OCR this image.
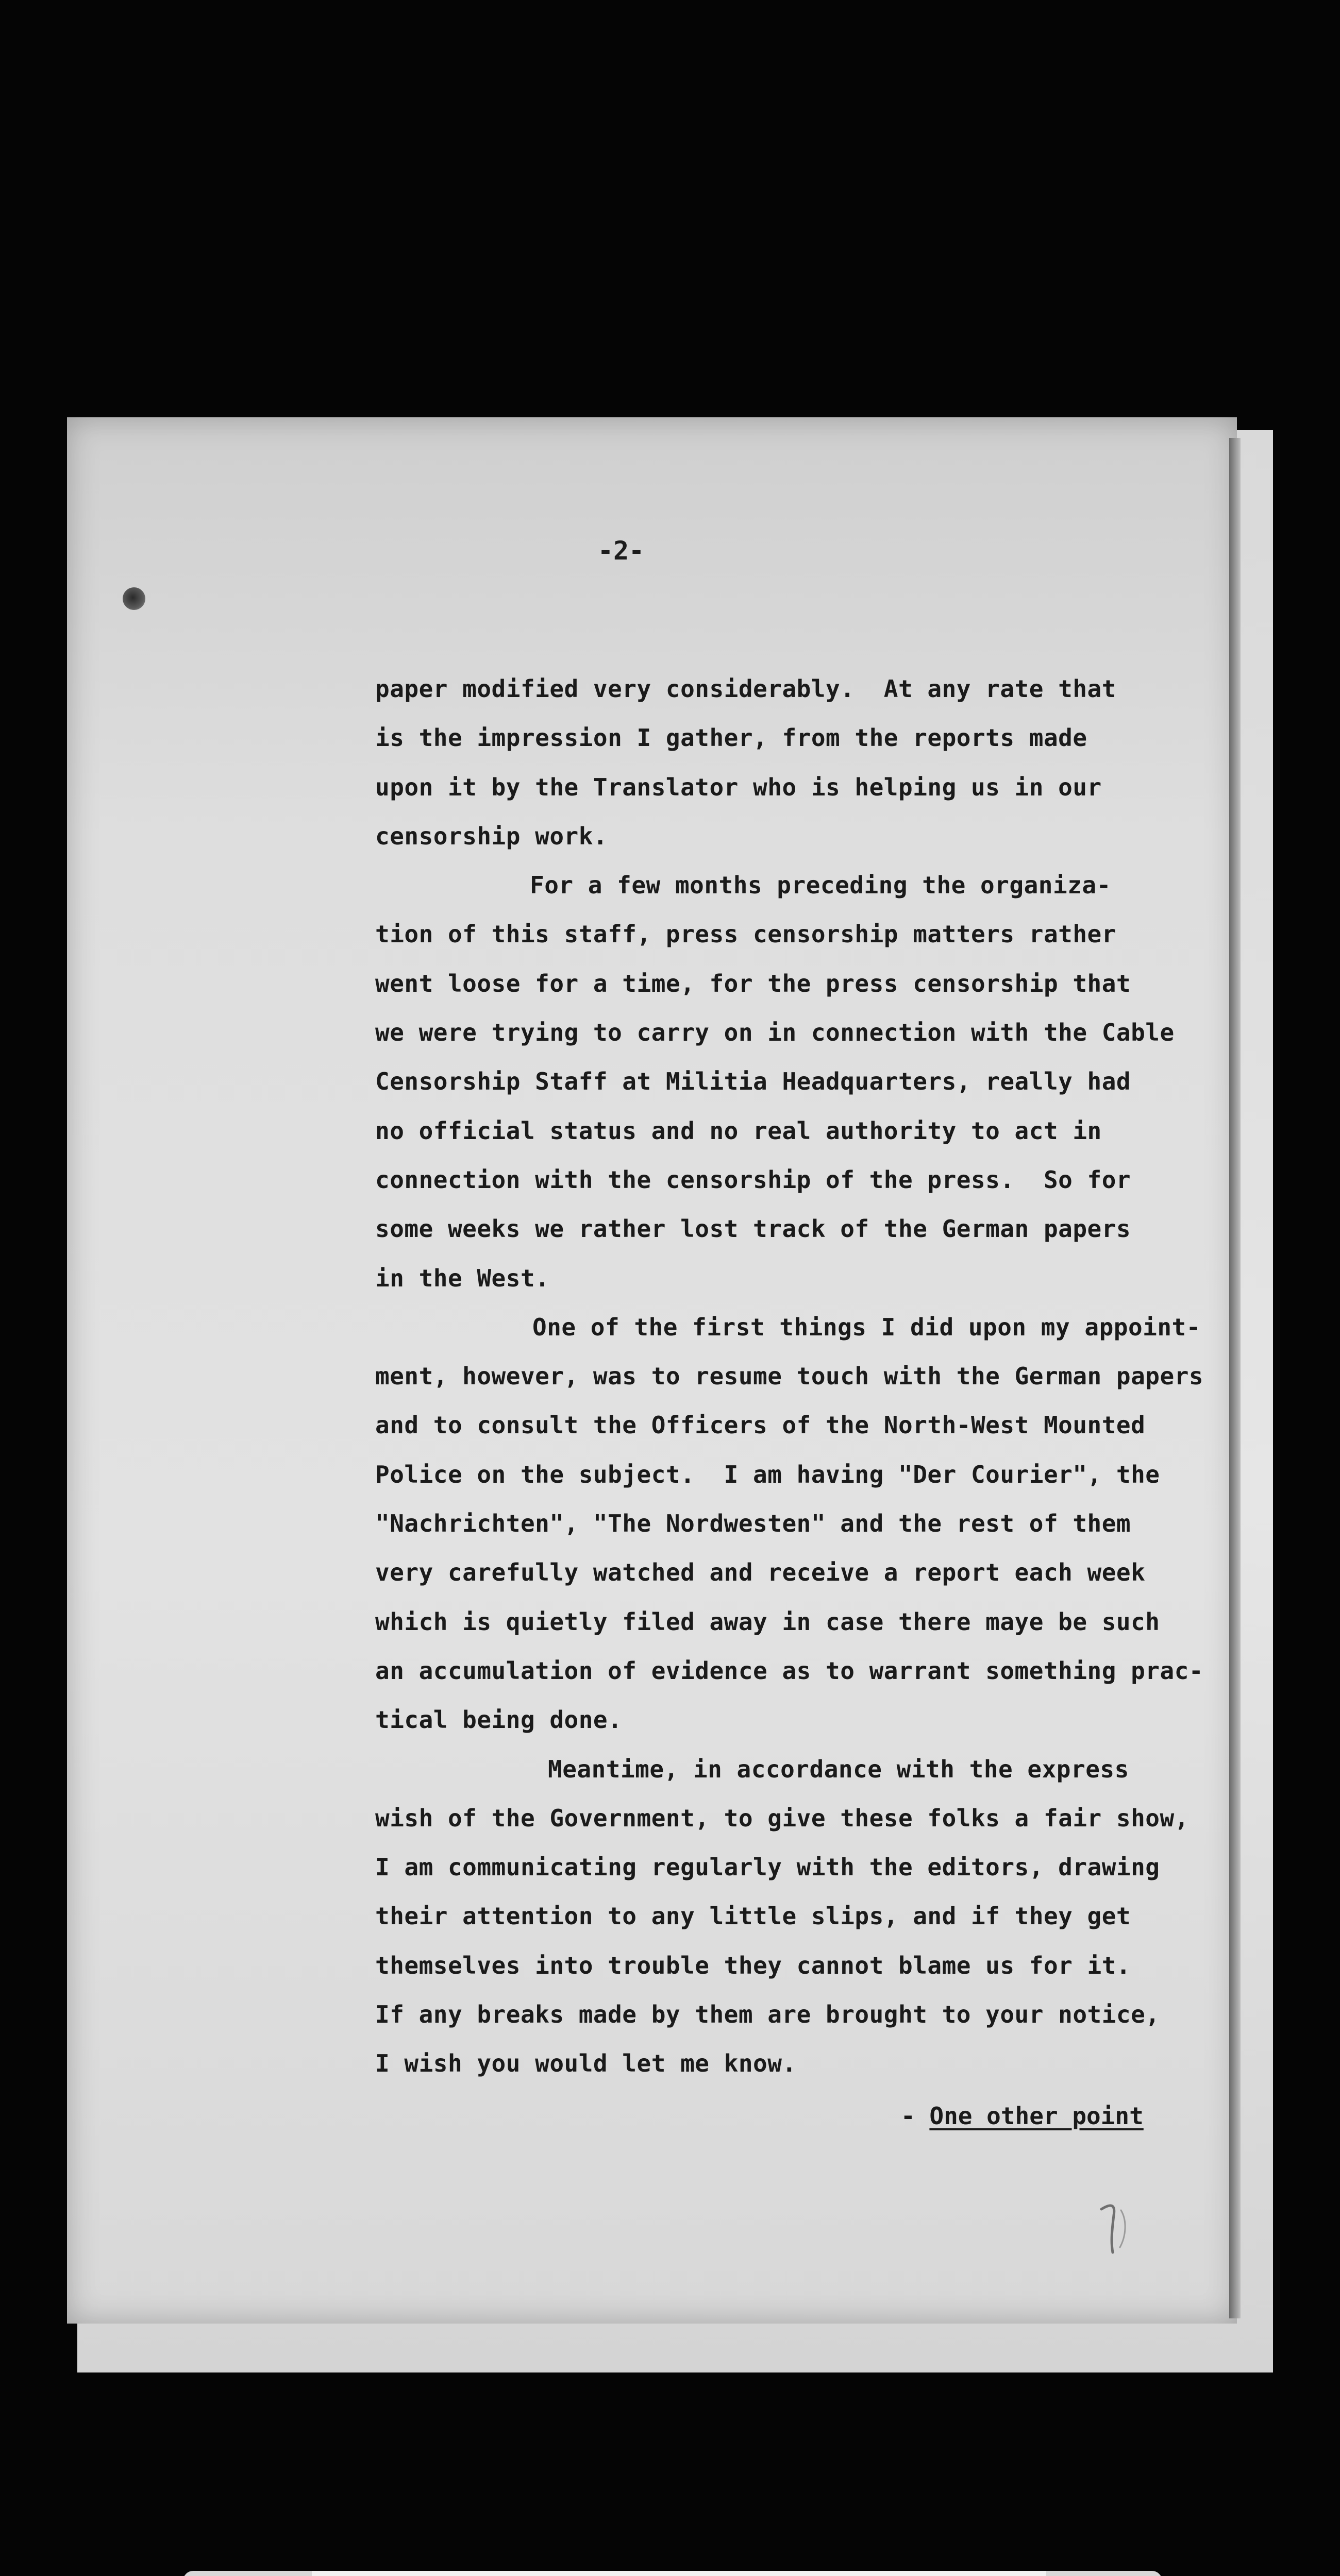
-2-
paper modified very considerably.  At any rate that
is the impression I gather, from the reports made
upon it by the Translator who is helping us in our
censorship work.
For a few months preceding the organiza-
tion of this staff, press censorship matters rather
went loose for a time, for the press censorship that
we were trying to carry on in connection with the Cable
Censorship Staff at Militia Headquarters, really had
no official status and no real authority to act in
connection with the censorship of the press.  So for
some weeks we rather lost track of the German papers
in the West.
One of the first things I did upon my appoint-
ment, however, was to resume touch with the German papers
and to consult the Officers of the North-West Mounted
Police on the subject.  I am having "Der Courier", the
"Nachrichten", "The Nordwesten" and the rest of them
very carefully watched and receive a report each week
which is quietly filed away in case there maye be such
an accumulation of evidence as to warrant something prac-
tical being done.
Meantime, in accordance with the express
wish of the Government, to give these folks a fair show,
I am communicating regularly with the editors, drawing
their attention to any little slips, and if they get
themselves into trouble they cannot blame us for it.
If any breaks made by them are brought to your notice,
I wish you would let me know.
- One other point
